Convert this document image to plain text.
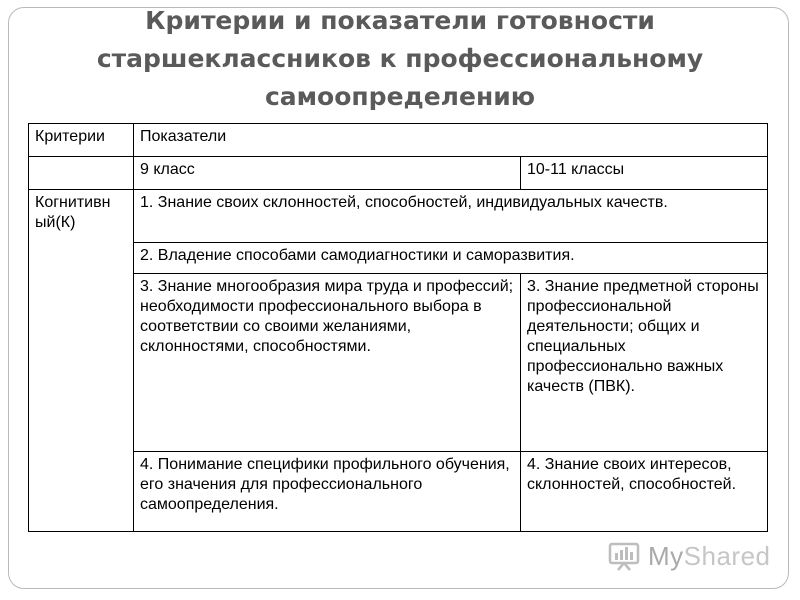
Критерии и показатели готовности
старшеклассников к профессиональному
самоопределению
Критерии	Показатели	
	9 класс	10-11 классы
Когнитивн ый(К)	1. Знание своих склонностей, способностей, индивидуальных качеств.	
	2. Владение способами самодиагностики и саморазвития.	
	3. Знание многообразия мира труда и профессий; необходимости профессионального выбора в соответствии со своими желаниями, склонностями, способностями.	3. Знание предметной стороны профессиональной деятельности; общих и специальных профессионально важных качеств (ПВК).
	4. Понимание специфики профильного обучения, его значения для профессионального самоопределения.	4. Знание своих интересов, склонностей, способностей.
MyShared
